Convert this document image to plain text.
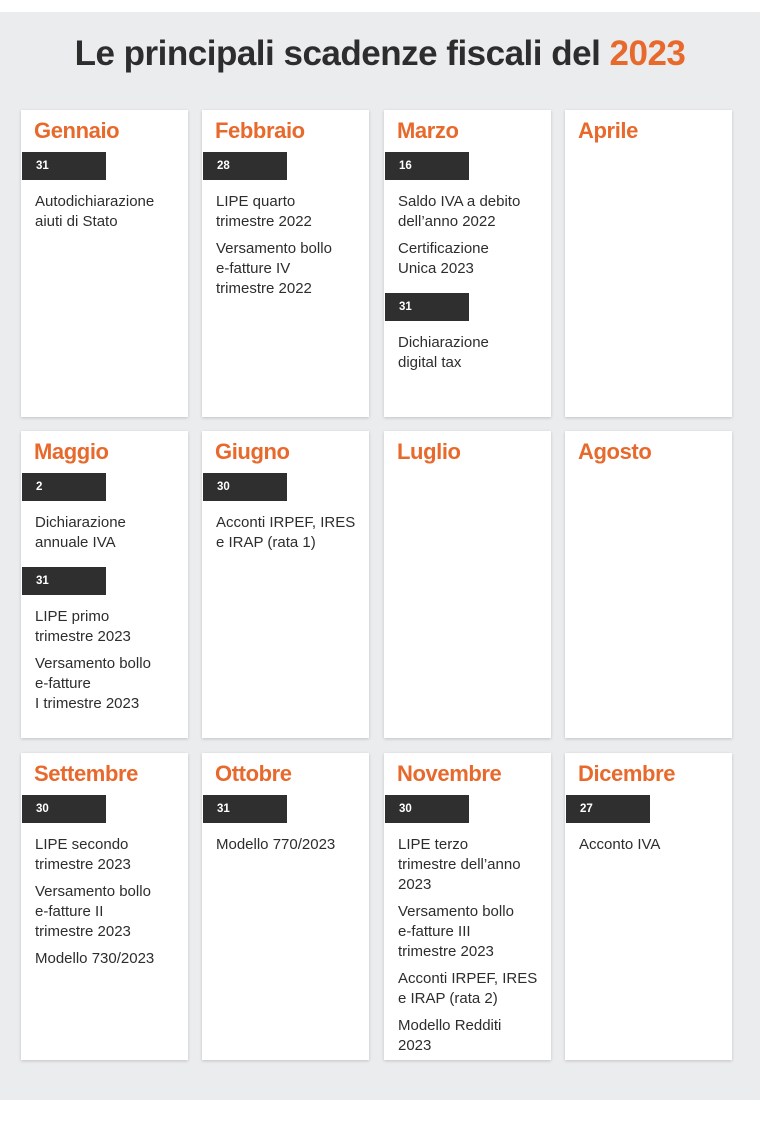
Le principali scadenze fiscali del 2023
Gennaio
31
Autodichiarazione
aiuti di Stato
Febbraio
28
LIPE quarto
trimestre 2022
Versamento bollo
e-fatture IV
trimestre 2022
Marzo
16
Saldo IVA a debito
dell’anno 2022
Certificazione
Unica 2023
31
Dichiarazione
digital tax
Aprile
Maggio
2
Dichiarazione
annuale IVA
31
LIPE primo
trimestre 2023
Versamento bollo
e-fatture
I trimestre 2023
Giugno
30
Acconti IRPEF, IRES
e IRAP (rata 1)
Luglio	Agosto
Settembre
30
LIPE secondo
trimestre 2023
Versamento bollo
e-fatture II
trimestre 2023
Modello 730/2023
Ottobre
31
Modello 770/2023
Novembre
30
LIPE terzo
trimestre dell’anno
2023
Versamento bollo
e-fatture III
trimestre 2023
Acconti IRPEF, IRES
e IRAP (rata 2)
Modello Redditi
2023
Dicembre
27
Acconto IVA
